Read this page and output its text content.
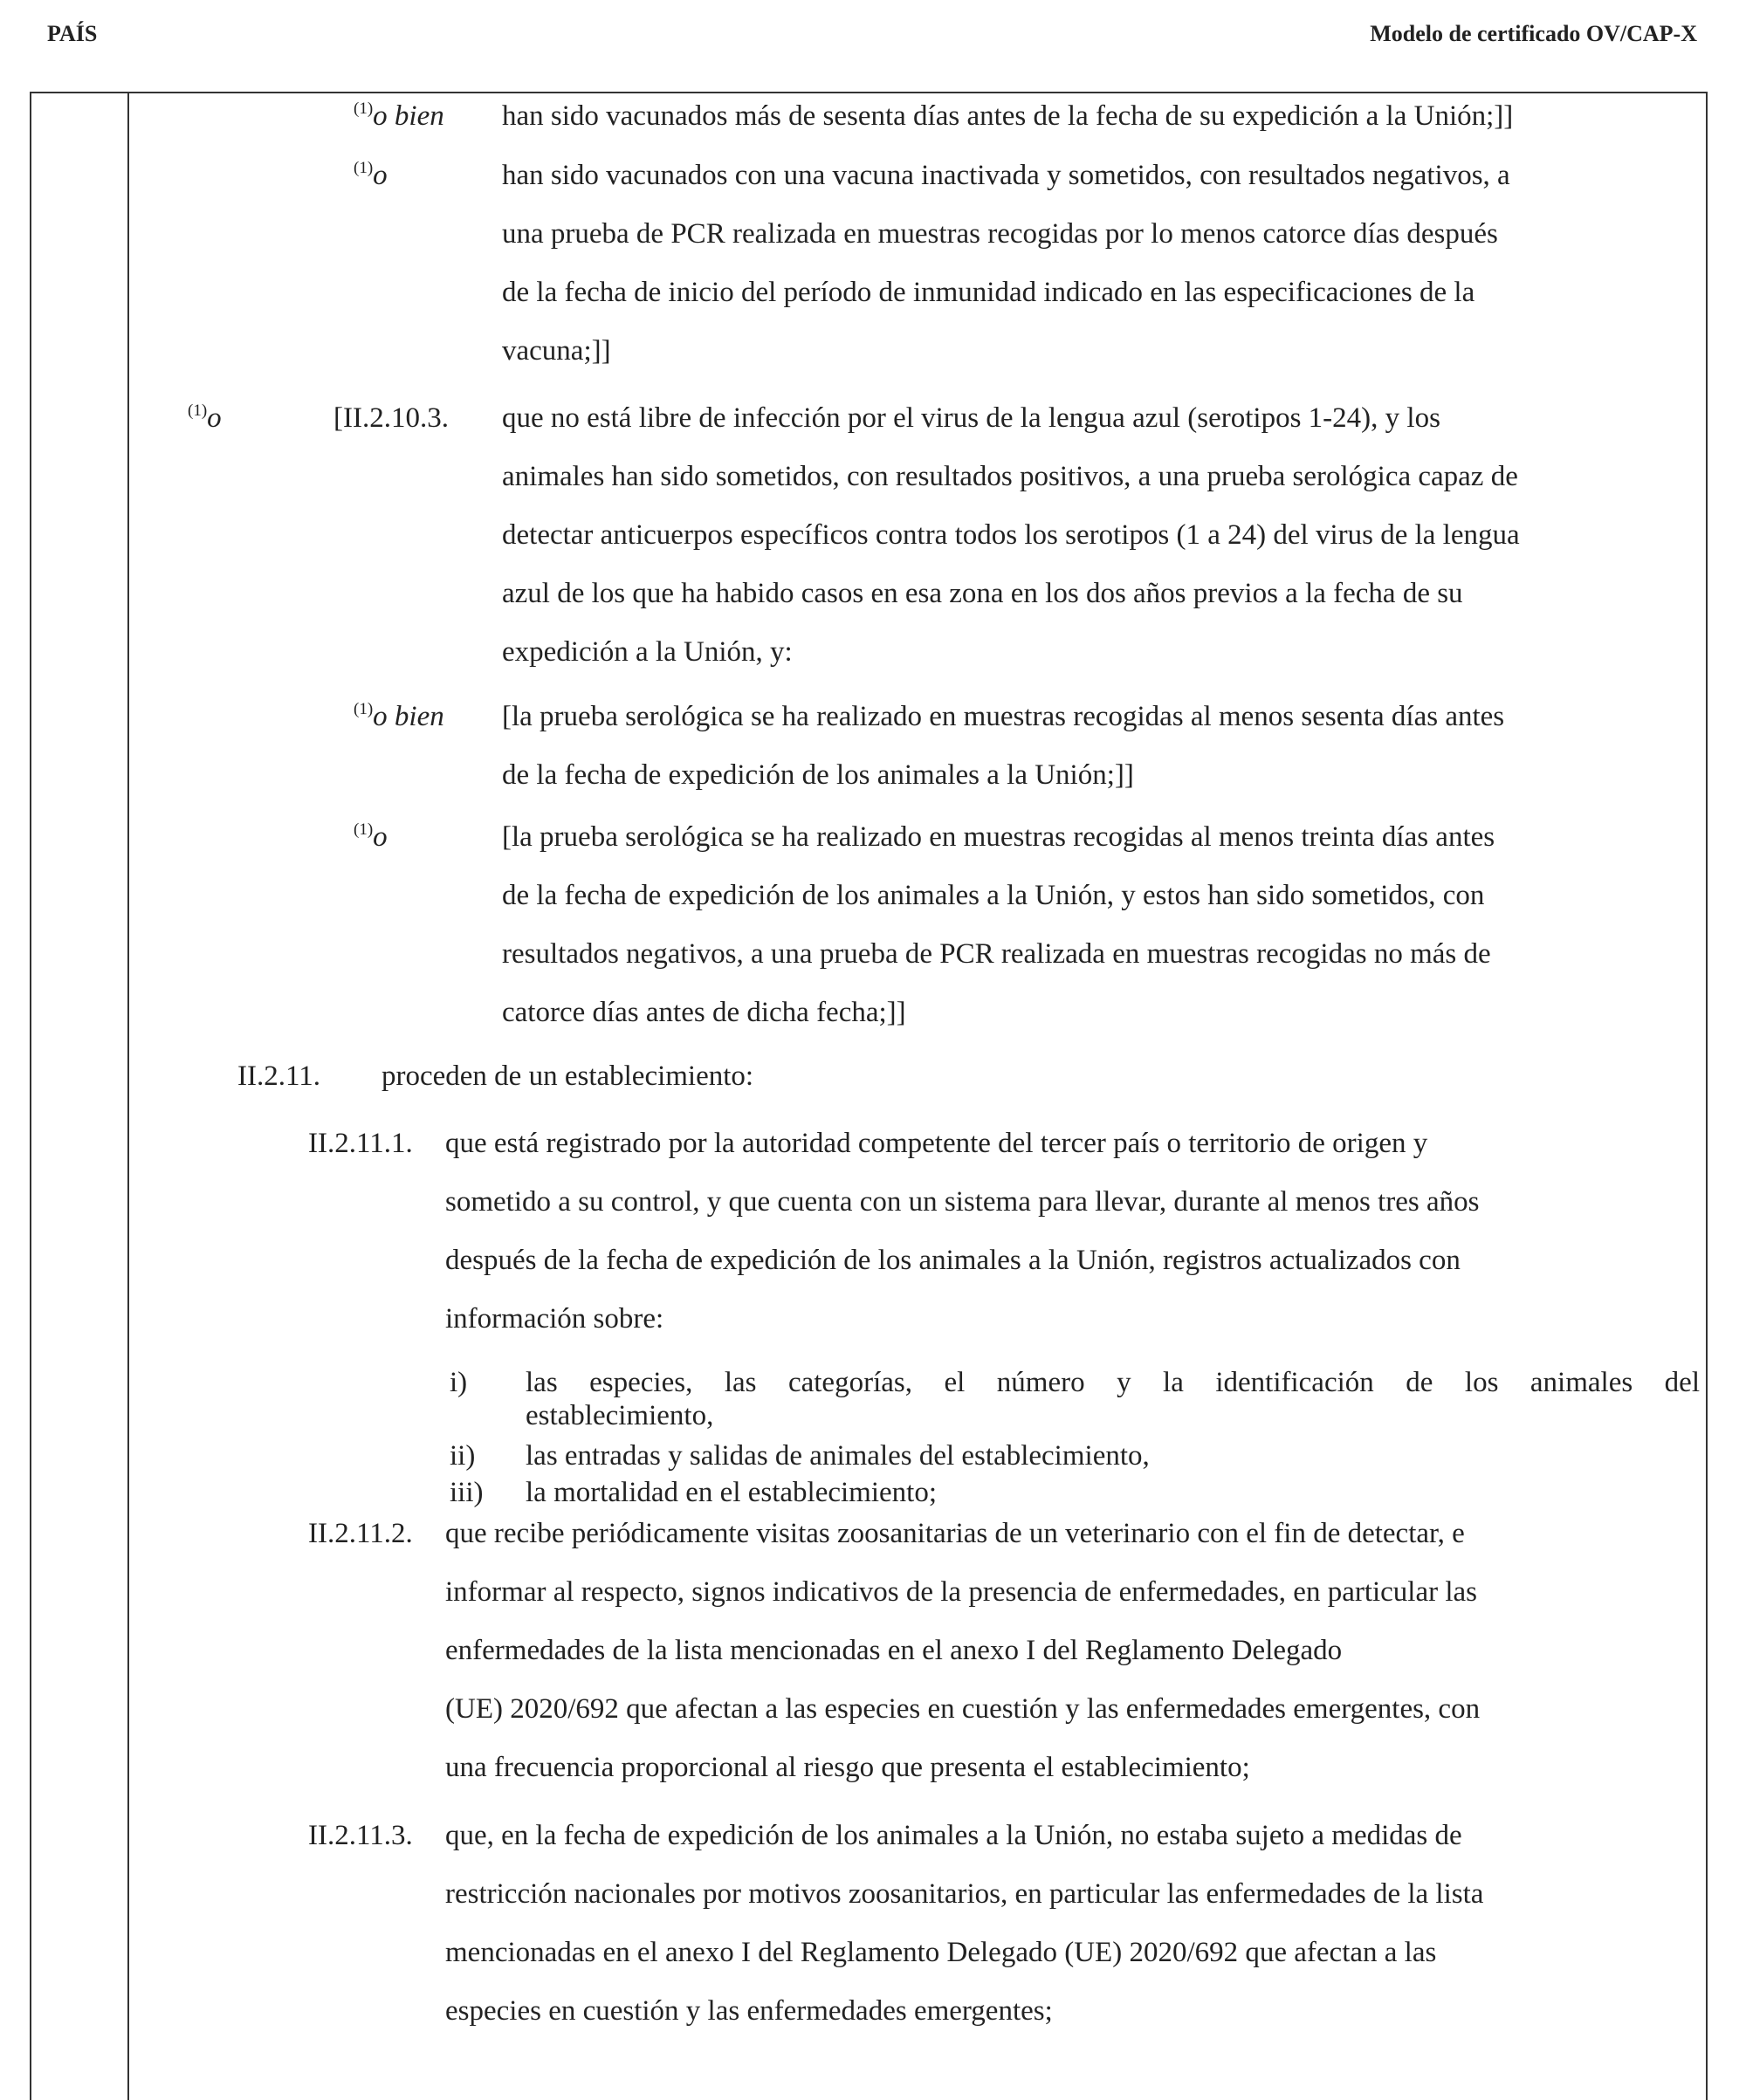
PAÍS	Modelo de certificado OV/CAP-X
$^{(1)}$o bien han sido vacunados más de sesenta días antes de la fecha de su expedición a la Unión;]]
$^{(1)}$o	han sido vacunados con una vacuna inactivada y sometidos, con resultados negativos, a
una prueba de PCR realizada en muestras recogidas por lo menos catorce días después
de la fecha de inicio del período de inmunidad indicado en las especificaciones de la
vacuna;]]
$^{(1)}$o	[II.2.10.3. que no está libre de infección por el virus de la lengua azul (serotipos 1-24), y los
animales han sido sometidos, con resultados positivos, a una prueba serológica capaz de
detectar anticuerpos específicos contra todos los serotipos (1 a 24) del virus de la lengua
azul de los que ha habido casos en esa zona en los dos años previos a la fecha de su
expedición a la Unión, y:
$^{(1)}$o bien [la prueba serológica se ha realizado en muestras recogidas al menos sesenta días antes
de la fecha de expedición de los animales a la Unión;]]
$^{(1)}$o	[la prueba serológica se ha realizado en muestras recogidas al menos treinta días antes
de la fecha de expedición de los animales a la Unión, y estos han sido sometidos, con
resultados negativos, a una prueba de PCR realizada en muestras recogidas no más de
catorce días antes de dicha fecha;]]
II.2.11. proceden de un establecimiento:
II.2.11.1. que está registrado por la autoridad competente del tercer país o territorio de origen y
sometido a su control, y que cuenta con un sistema para llevar, durante al menos tres años
después de la fecha de expedición de los animales a la Unión, registros actualizados con
información sobre:
i) las especies, las categorías, el número y la identificación de los animales del
establecimiento,
ii) las entradas y salidas de animales del establecimiento,
iii) la mortalidad en el establecimiento;
II.2.11.2. que recibe periódicamente visitas zoosanitarias de un veterinario con el fin de detectar, e
informar al respecto, signos indicativos de la presencia de enfermedades, en particular las
enfermedades de la lista mencionadas en el anexo I del Reglamento Delegado
(UE) 2020/692 que afectan a las especies en cuestión y las enfermedades emergentes, con
una frecuencia proporcional al riesgo que presenta el establecimiento;
II.2.11.3. que, en la fecha de expedición de los animales a la Unión, no estaba sujeto a medidas de
restricción nacionales por motivos zoosanitarios, en particular las enfermedades de la lista
mencionadas en el anexo I del Reglamento Delegado (UE) 2020/692 que afectan a las
especies en cuestión y las enfermedades emergentes;
